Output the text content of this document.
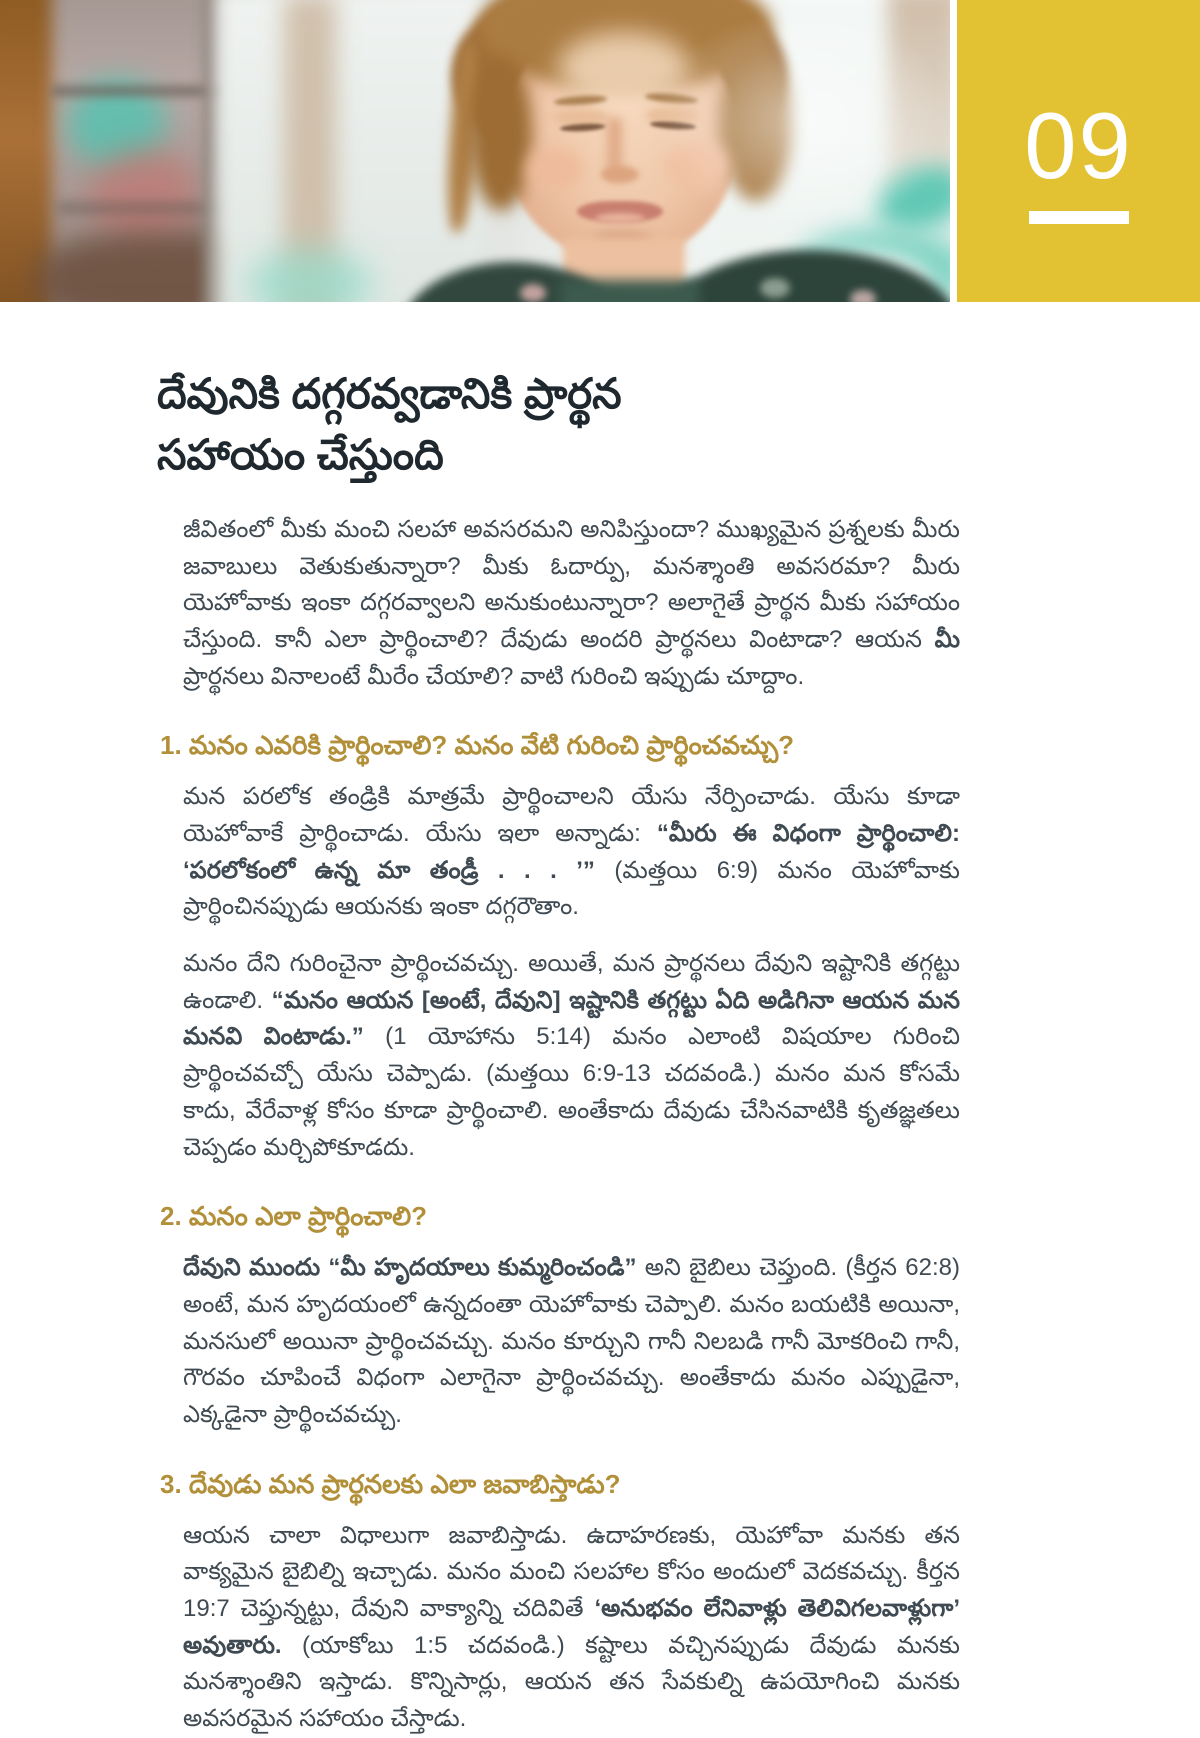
09
దేవునికి దగ్గరవ్వడానికి ప్రార్థన
సహాయం చేస్తుంది

జీవితంలో మీకు మంచి సలహా అవసరమని అనిపిస్తుందా? ముఖ్యమైన ప్రశ్నలకు మీరు జవాబులు వెతుకుతున్నారా? మీకు ఓదార్పు, మనశ్శాంతి అవసరమా? మీరు యెహోవాకు ఇంకా దగ్గరవ్వాలని అనుకుంటున్నారా? అలాగైతే ప్రార్థన మీకు సహాయం చేస్తుంది. కానీ ఎలా ప్రార్థించాలి? దేవుడు అందరి ప్రార్థనలు వింటాడా? ఆయన మీ ప్రార్థనలు వినాలంటే మీరేం చేయాలి? వాటి గురించి ఇప్పుడు చూద్దాం.

1. మనం ఎవరికి ప్రార్థించాలి? మనం వేటి గురించి ప్రార్థించవచ్చు?

మన పరలోక తండ్రికి మాత్రమే ప్రార్థించాలని యేసు నేర్పించాడు. యేసు కూడా యెహోవాకే ప్రార్థించాడు. యేసు ఇలా అన్నాడు: “మీరు ఈ విధంగా ప్రార్థించాలి: ‘పరలోకంలో ఉన్న మా తండ్రీ . . . ’” (మత్తయి 6:9) మనం యెహోవాకు ప్రార్థించినప్పుడు ఆయనకు ఇంకా దగ్గరౌతాం.

మనం దేని గురించైనా ప్రార్థించవచ్చు. అయితే, మన ప్రార్థనలు దేవుని ఇష్టానికి తగ్గట్టు ఉండాలి. “మనం ఆయన [అంటే, దేవుని] ఇష్టానికి తగ్గట్టు ఏది అడిగినా ఆయన మన మనవి వింటాడు.” (1 యోహాను 5:14) మనం ఎలాంటి విషయాల గురించి ప్రార్థించవచ్చో యేసు చెప్పాడు. (మత్తయి 6:9-13 చదవండి.) మనం మన కోసమే కాదు, వేరేవాళ్ల కోసం కూడా ప్రార్థించాలి. అంతేకాదు దేవుడు చేసినవాటికి కృతజ్ఞతలు చెప్పడం మర్చిపోకూడదు.

2. మనం ఎలా ప్రార్థించాలి?

దేవుని ముందు “మీ హృదయాలు కుమ్మరించండి” అని బైబిలు చెప్తుంది. (కీర్తన 62:8) అంటే, మన హృదయంలో ఉన్నదంతా యెహోవాకు చెప్పాలి. మనం బయటికి అయినా, మనసులో అయినా ప్రార్థించవచ్చు. మనం కూర్చుని గానీ నిలబడి గానీ మోకరించి గానీ, గౌరవం చూపించే విధంగా ఎలాగైనా ప్రార్థించవచ్చు. అంతేకాదు మనం ఎప్పుడైనా, ఎక్కడైనా ప్రార్థించవచ్చు.

3. దేవుడు మన ప్రార్థనలకు ఎలా జవాబిస్తాడు?

ఆయన చాలా విధాలుగా జవాబిస్తాడు. ఉదాహరణకు, యెహోవా మనకు తన వాక్యమైన బైబిల్ని ఇచ్చాడు. మనం మంచి సలహాల కోసం అందులో వెదకవచ్చు. కీర్తన 19:7 చెప్తున్నట్టు, దేవుని వాక్యాన్ని చదివితే ‘అనుభవం లేనివాళ్లు తెలివిగలవాళ్లుగా’ అవుతారు. (యాకోబు 1:5 చదవండి.) కష్టాలు వచ్చినప్పుడు దేవుడు మనకు మనశ్శాంతిని ఇస్తాడు. కొన్నిసార్లు, ఆయన తన సేవకుల్ని ఉపయోగించి మనకు అవసరమైన సహాయం చేస్తాడు.
